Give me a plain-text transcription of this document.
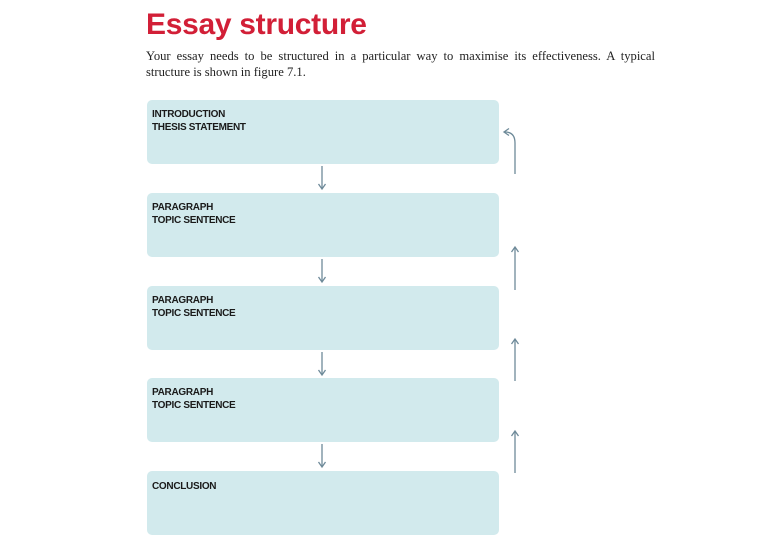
Essay structure

Your essay needs to be structured in a particular way to maximise its effectiveness. A typical structure is shown in figure 7.1.

INTRODUCTION
THESIS STATEMENT
PARAGRAPH
TOPIC SENTENCE
PARAGRAPH
TOPIC SENTENCE
PARAGRAPH
TOPIC SENTENCE
CONCLUSION
